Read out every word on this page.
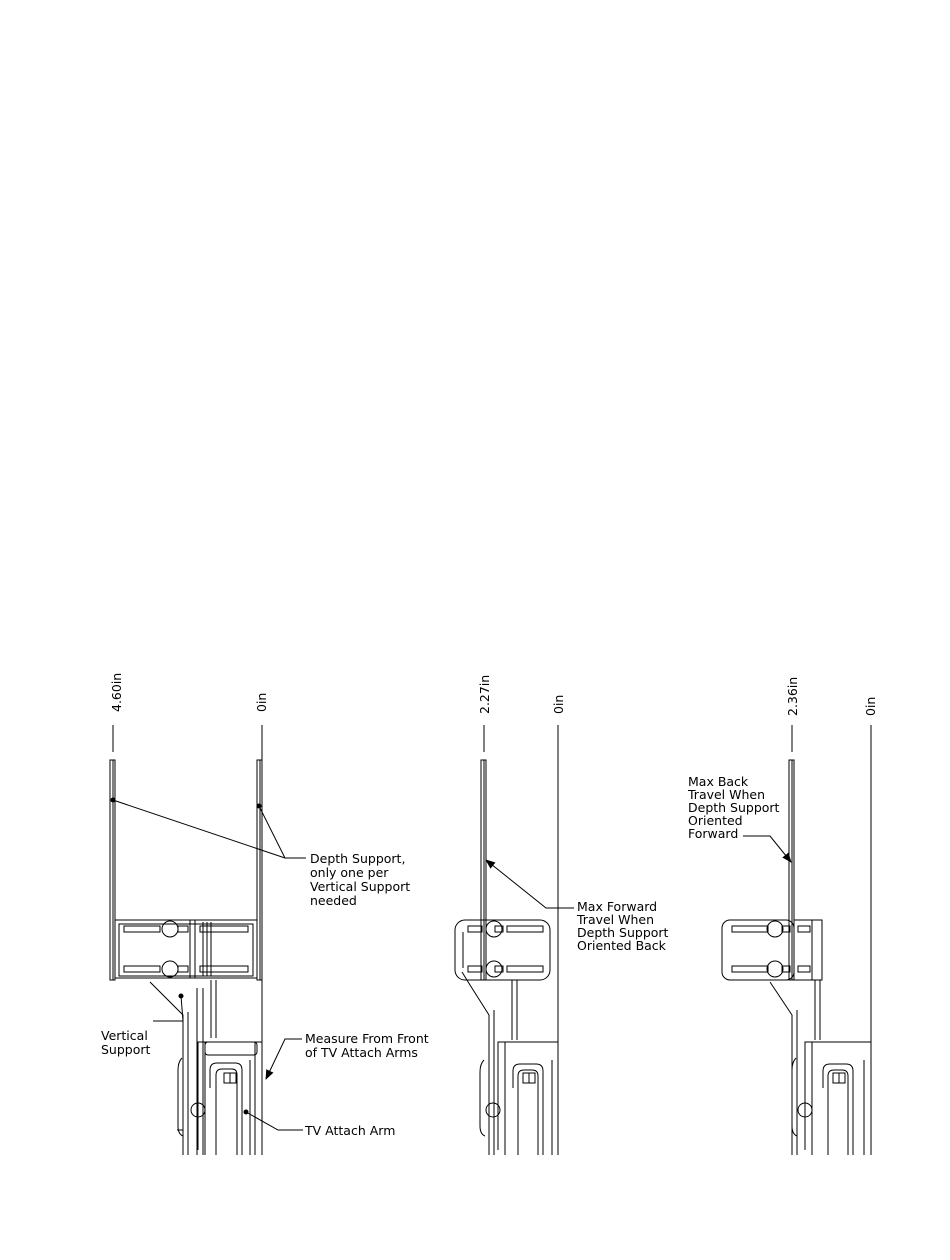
4.60in	0in
Depth Support, only one per Vertical Support needed
Vertical Support
Measure From Front of TV Attach Arms
TV Attach Arm
2.27in	0in
Max Forward Travel When Depth Support Oriented Back
2.36in	0in
Max Back Travel When Depth Support Oriented Forward
